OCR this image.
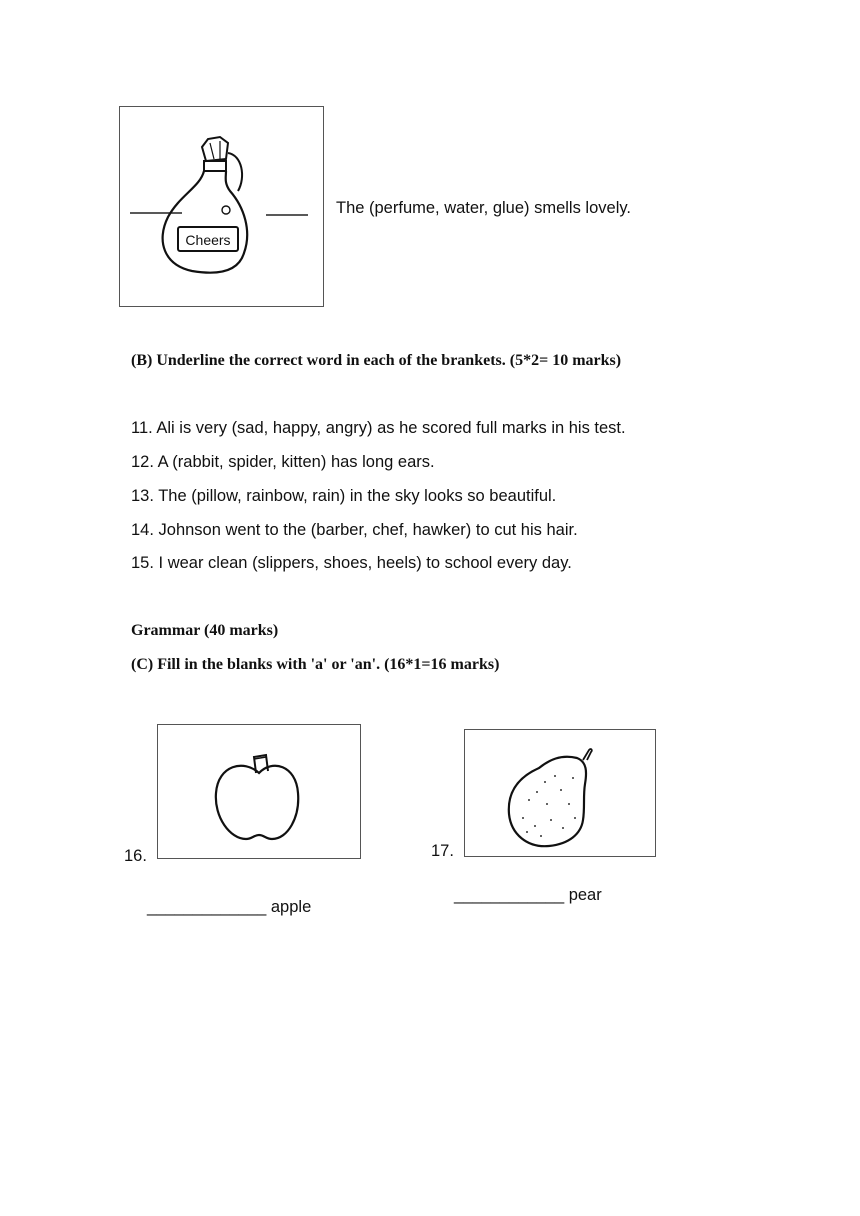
Cheers
The (perfume, water, glue) smells lovely.
(B) Underline the correct word in each of the brankets. (5*2= 10 marks)
11. Ali is very (sad, happy, angry) as he scored full marks in his test.
12. A (rabbit, spider, kitten) has long ears.
13. The (pillow, rainbow, rain) in the sky looks so beautiful.
14. Johnson went to the (barber, chef, hawker) to cut his hair.
15. I wear clean (slippers, shoes, heels) to school every day.
Grammar (40 marks)
(C) Fill in the blanks with 'a' or 'an'. (16*1=16 marks)
16.
_____________ apple
17.
____________ pear
